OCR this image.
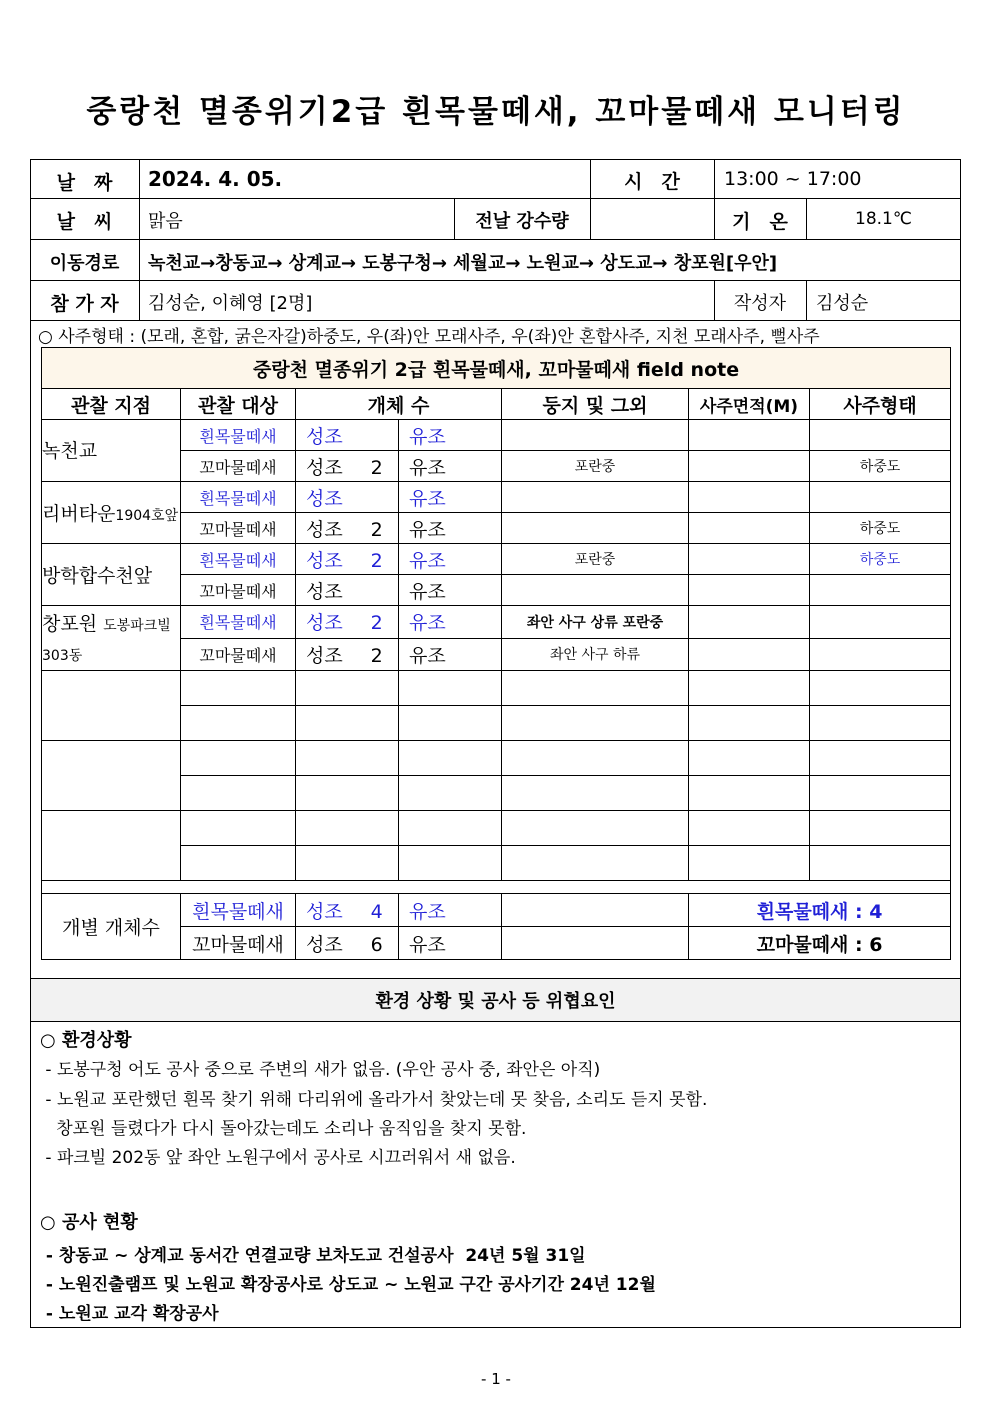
중랑천 멸종위기2급 흰목물떼새, 꼬마물떼새 모니터링
날　짜	2024. 4. 05.	시　간	13:00 ~ 17:00
날　씨	맑음	전날 강수량	기　온	18.1℃
이동경로	녹천교→창동교→ 상계교→ 도봉구청→ 세월교→ 노원교→ 상도교→ 창포원[우안]
참 가 자	김성순, 이혜영 [2명]	작성자	김성순
○ 사주형태 : (모래, 혼합, 굵은자갈)하중도, 우(좌)안 모래사주, 우(좌)안 혼합사주, 지천 모래사주, 뻘사주
중랑천 멸종위기 2급 흰목물떼새, 꼬마물떼새 field note						
관찰 지점	관찰 대상	개체 수		둥지 및 그외	사주면적(M)	사주형태
녹천교	흰목물떼새	성조	유조			
	꼬마물떼새	성조 2	유조	포란중		하중도
리버타운1904호앞	흰목물떼새	성조	유조			
	꼬마물떼새	성조 2	유조			하중도
방학합수천앞	흰목물떼새	성조 2	유조	포란중		하중도
	꼬마물떼새	성조	유조			
창포원 도봉파크빌
303동	흰목물떼새	성조 2	유조	좌안 사구 상류 포란중		
	꼬마물떼새	성조 2	유조	좌안 사구 하류		

개별 개체수	흰목물떼새	성조 4	유조		흰목물떼새 : 4	
	꼬마물떼새	성조 6	유조		꼬마물떼새 : 6	
환경 상황 및 공사 등 위협요인
○ 환경상황
- 도봉구청 어도 공사 중으로 주변의 새가 없음. (우안 공사 중, 좌안은 아직)
- 노원교 포란했던 흰목 찾기 위해 다리위에 올라가서 찾았는데 못 찾음, 소리도 듣지 못함.
창포원 들렸다가 다시 돌아갔는데도 소리나 움직임을 찾지 못함.
- 파크빌 202동 앞 좌안 노원구에서 공사로 시끄러워서 새 없음.
○ 공사 현황
- 창동교 ~ 상계교 동서간 연결교량 보차도교 건설공사  24년 5월 31일
- 노원진출램프 및 노원교 확장공사로 상도교 ~ 노원교 구간 공사기간 24년 12월
- 노원교 교각 확장공사
- 1 -
